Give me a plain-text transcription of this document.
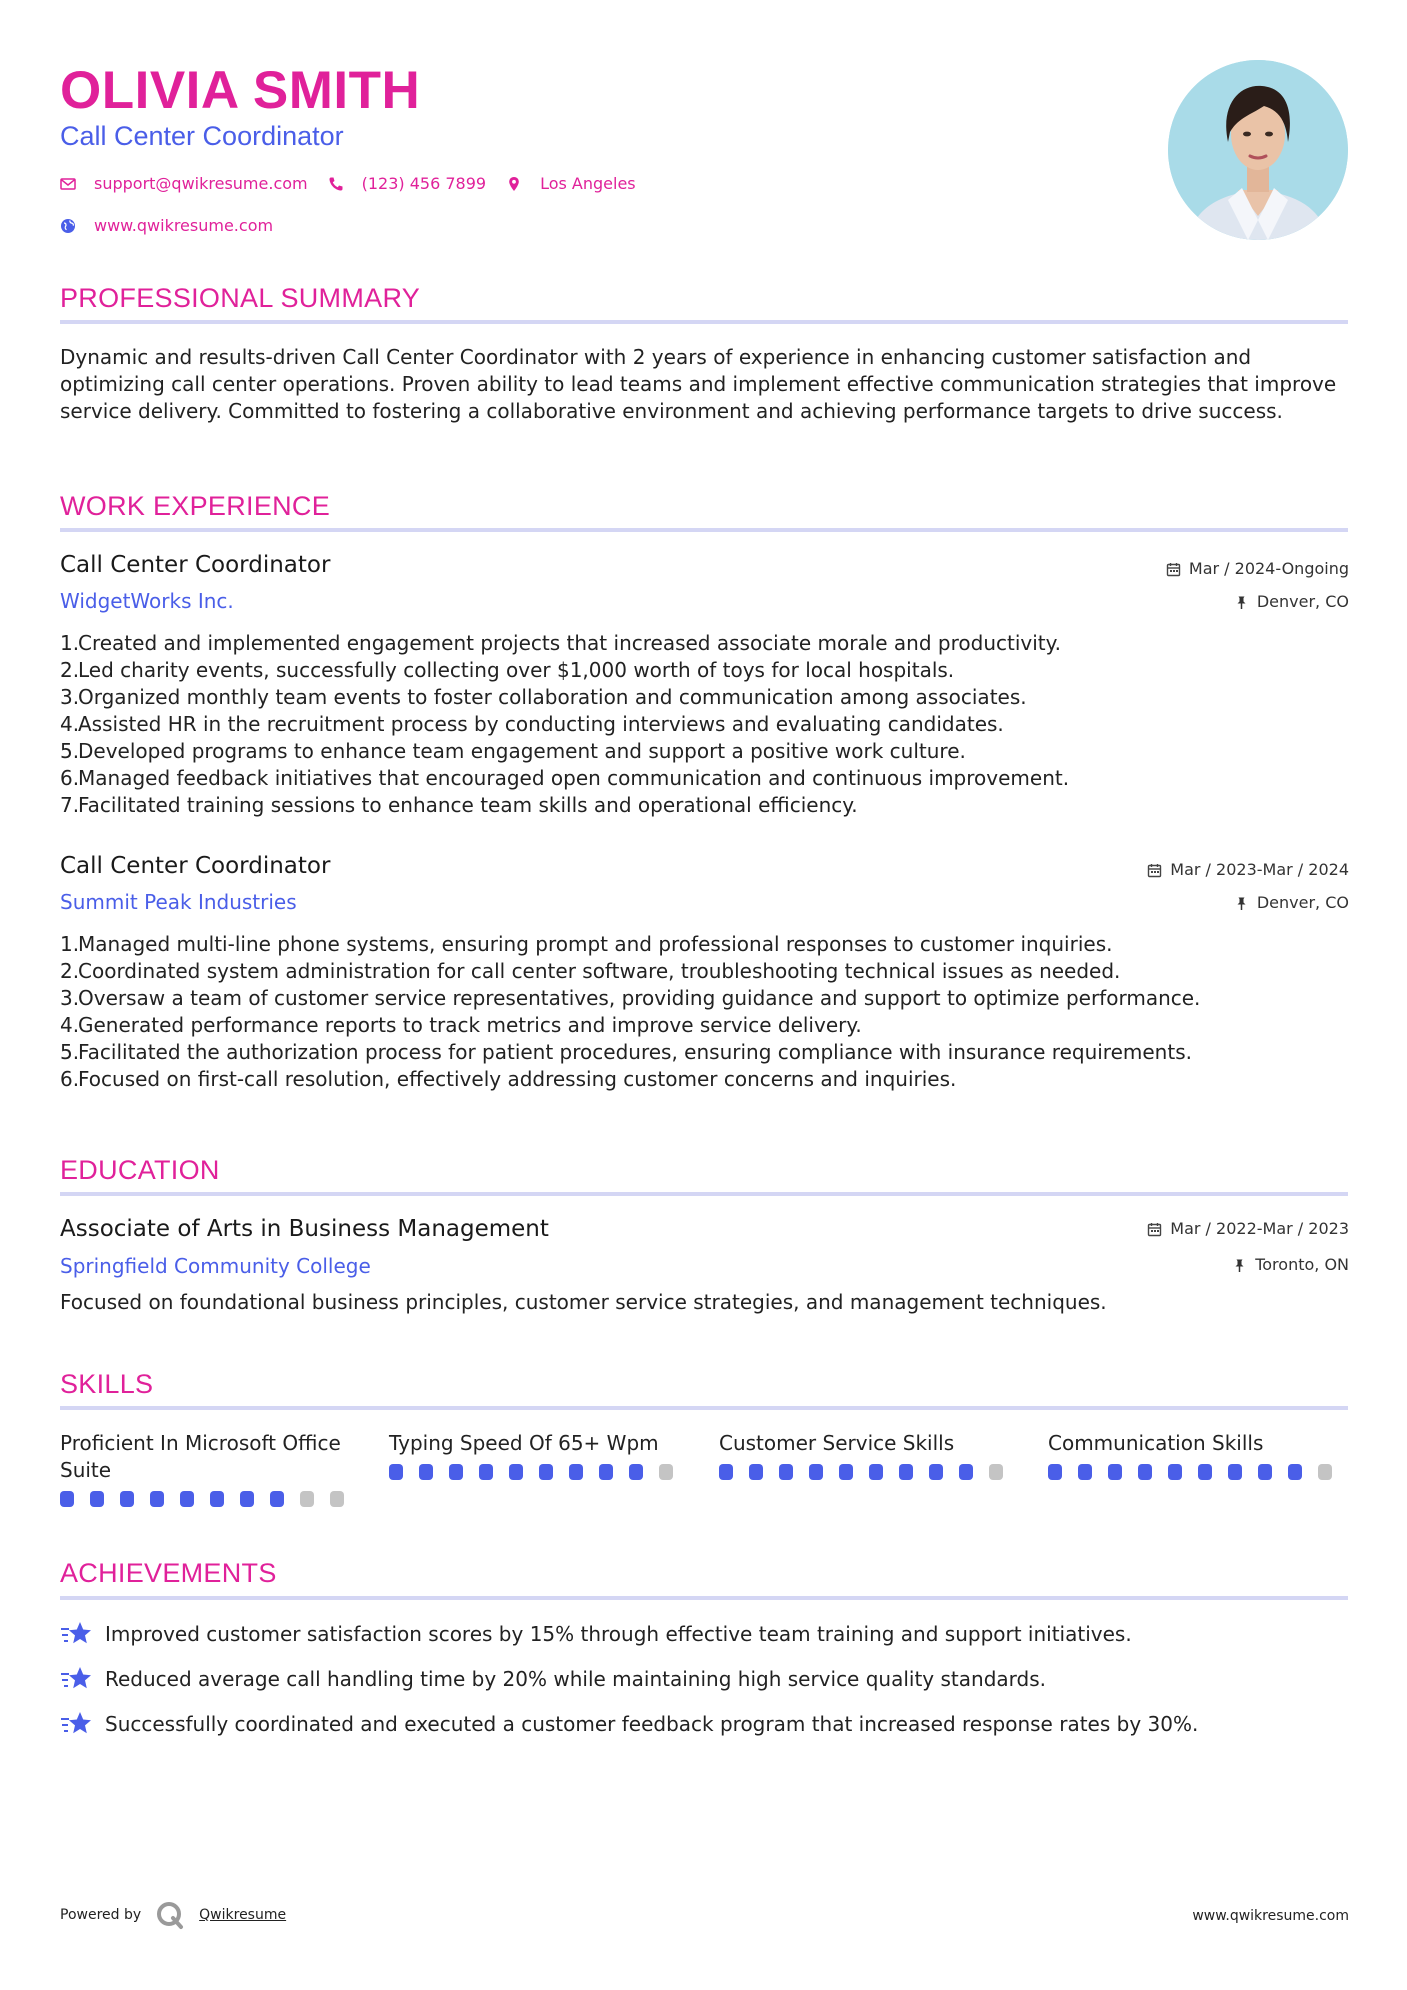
OLIVIA SMITH
Call Center Coordinator
support@qwikresume.com	(123) 456 7899	Los Angeles
www.qwikresume.com
PROFESSIONAL SUMMARY
Dynamic and results-driven Call Center Coordinator with 2 years of experience in enhancing customer satisfaction and optimizing call center operations. Proven ability to lead teams and implement effective communication strategies that improve service delivery. Committed to fostering a collaborative environment and achieving performance targets to drive success.
WORK EXPERIENCE
Call Center Coordinator	Mar / 2024-Ongoing
WidgetWorks Inc.	Denver, CO
1.
Created and implemented engagement projects that increased associate morale and productivity.
2.
Led charity events, successfully collecting over $1,000 worth of toys for local hospitals.
3.
Organized monthly team events to foster collaboration and communication among associates.
4.
Assisted HR in the recruitment process by conducting interviews and evaluating candidates.
5.
Developed programs to enhance team engagement and support a positive work culture.
6.
Managed feedback initiatives that encouraged open communication and continuous improvement.
7.
Facilitated training sessions to enhance team skills and operational efficiency.
Call Center Coordinator	Mar / 2023-Mar / 2024
Summit Peak Industries	Denver, CO
1.
Managed multi-line phone systems, ensuring prompt and professional responses to customer inquiries.
2.
Coordinated system administration for call center software, troubleshooting technical issues as needed.
3.
Oversaw a team of customer service representatives, providing guidance and support to optimize performance.
4.
Generated performance reports to track metrics and improve service delivery.
5.
Facilitated the authorization process for patient procedures, ensuring compliance with insurance requirements.
6.
Focused on first-call resolution, effectively addressing customer concerns and inquiries.
EDUCATION
Associate of Arts in Business Management	Mar / 2022-Mar / 2023
Springfield Community College	Toronto, ON
Focused on foundational business principles, customer service strategies, and management techniques.
SKILLS
Proficient In Microsoft Office Suite
Typing Speed Of 65+ Wpm	Customer Service Skills	Communication Skills
ACHIEVEMENTS
Improved customer satisfaction scores by 15% through effective team training and support initiatives.
Reduced average call handling time by 20% while maintaining high service quality standards.
Successfully coordinated and executed a customer feedback program that increased response rates by 30%.
Powered by	Qwikresume	www.qwikresume.com
